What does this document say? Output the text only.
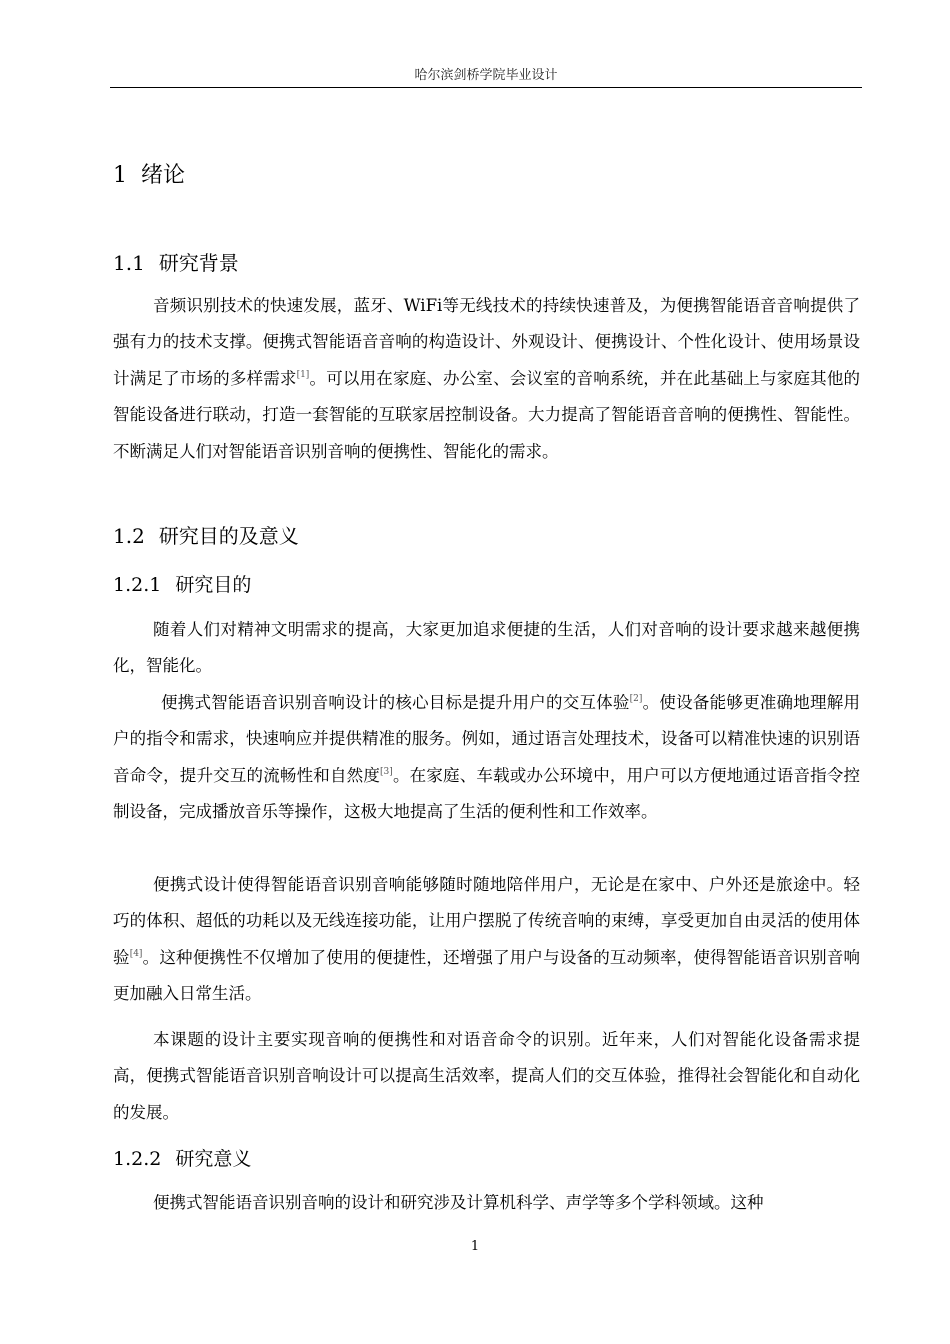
哈尔滨剑桥学院毕业设计
1 绪论
1.1 研究背景

音频识别技术的快速发展，蓝牙、WiFi等无线技术的持续快速普及，为便携智能语音音响提供了强有力的技术支撑。便携式智能语音音响的构造设计、外观设计、便携设计、个性化设计、使用场景设计满足了市场的多样需求[1]。可以用在家庭、办公室、会议室的音响系统，并在此基础上与家庭其他的智能设备进行联动，打造一套智能的互联家居控制设备。大力提高了智能语音音响的便携性、智能性。不断满足人们对智能语音识别音响的便携性、智能化的需求。

1.2 研究目的及意义
1.2.1 研究目的

随着人们对精神文明需求的提高，大家更加追求便捷的生活，人们对音响的设计要求越来越便携化，智能化。

便携式智能语音识别音响设计的核心目标是提升用户的交互体验[2]。使设备能够更准确地理解用户的指令和需求，快速响应并提供精准的服务。例如，通过语言处理技术，设备可以精准快速的识别语音命令，提升交互的流畅性和自然度[3]。在家庭、车载或办公环境中，用户可以方便地通过语音指令控制设备，完成播放音乐等操作，这极大地提高了生活的便利性和工作效率。

便携式设计使得智能语音识别音响能够随时随地陪伴用户，无论是在家中、户外还是旅途中。轻巧的体积、超低的功耗以及无线连接功能，让用户摆脱了传统音响的束缚，享受更加自由灵活的使用体验[4]。这种便携性不仅增加了使用的便捷性，还增强了用户与设备的互动频率，使得智能语音识别音响更加融入日常生活。

本课题的设计主要实现音响的便携性和对语音命令的识别。近年来，人们对智能化设备需求提高，便携式智能语音识别音响设计可以提高生活效率，提高人们的交互体验，推得社会智能化和自动化的发展。

1.2.2 研究意义

便携式智能语音识别音响的设计和研究涉及计算机科学、声学等多个学科领域。这种

1
